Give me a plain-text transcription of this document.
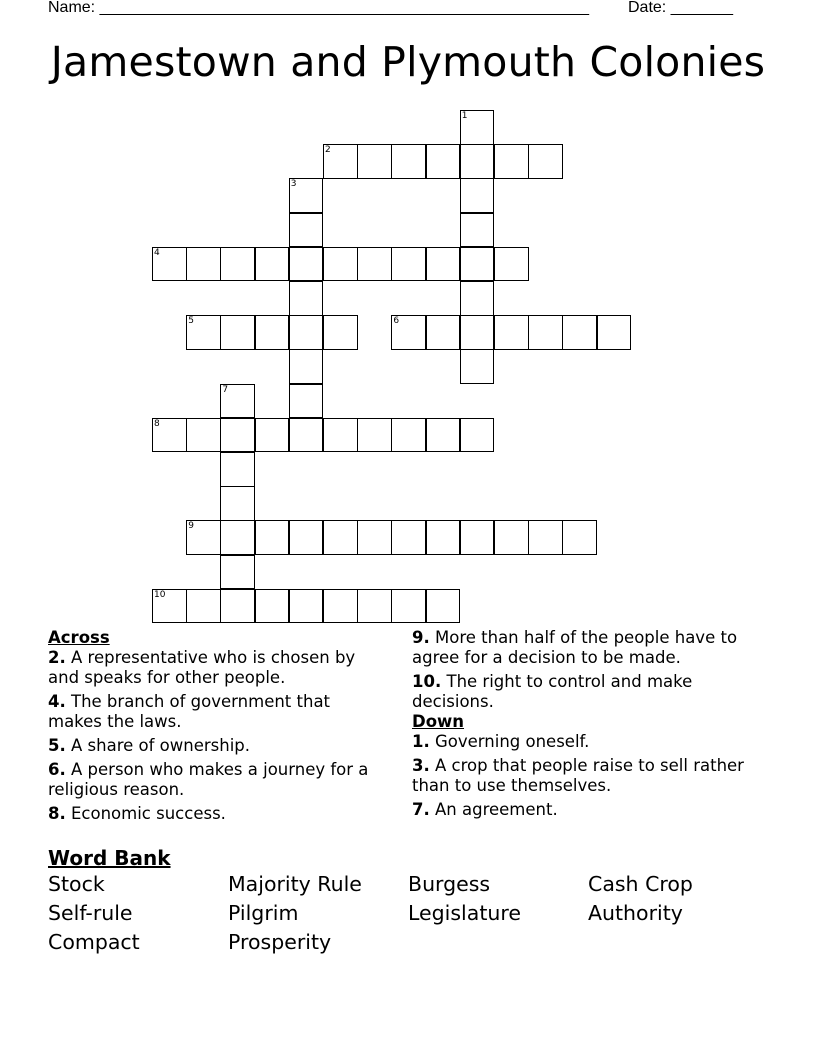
Name: _______________________________________________________ Date: _______
Jamestown and Plymouth Colonies
1
2
3
4
5	6
7
8
9
10
Across
2. A representative who is chosen by and speaks for other people.
4. The branch of government that makes the laws.
5. A share of ownership.
6. A person who makes a journey for a religious reason.
8. Economic success.
9. More than half of the people have to agree for a decision to be made.
10. The right to control and make decisions.
Down
1. Governing oneself.
3. A crop that people raise to sell rather than to use themselves.
7. An agreement.
Word Bank
Stock	Majority Rule	Burgess	Cash Crop
Self-rule	Pilgrim	Legislature	Authority
Compact	Prosperity
